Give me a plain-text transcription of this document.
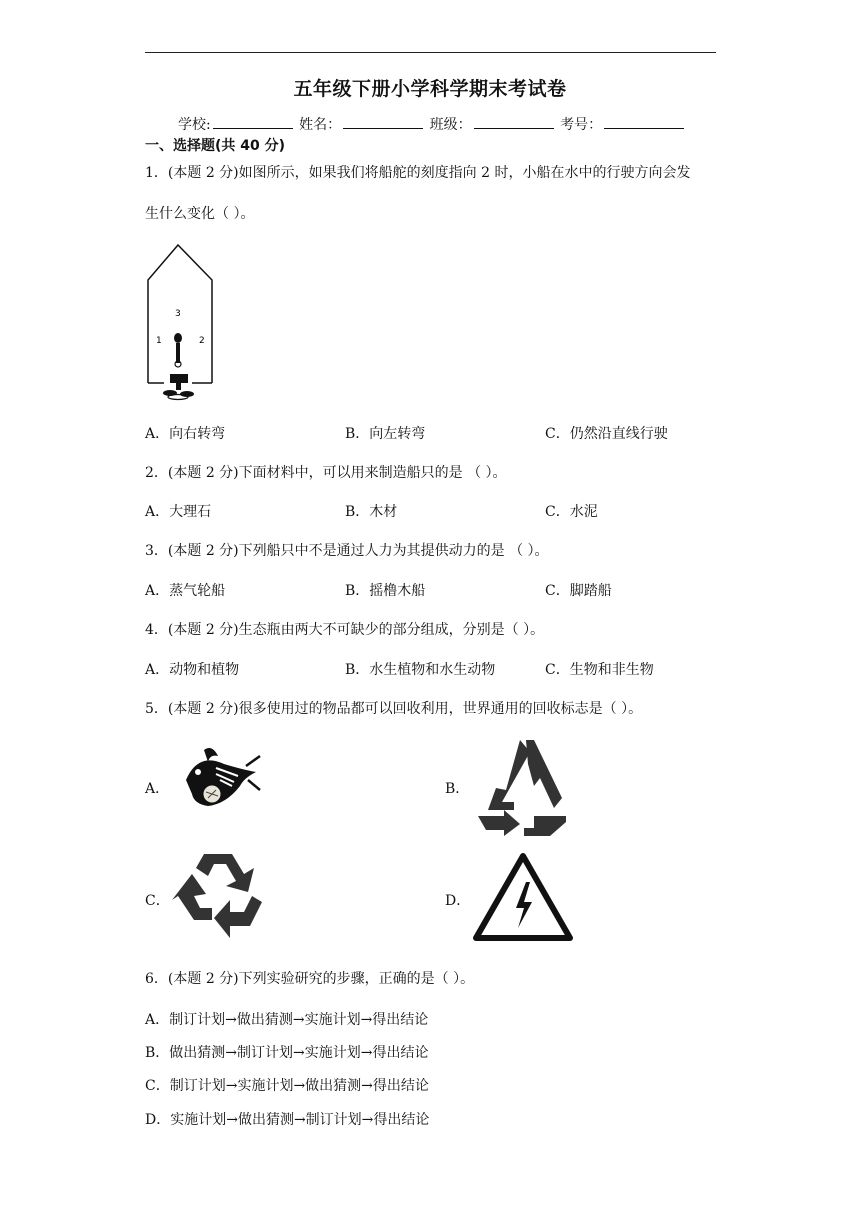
五年级下册小学科学期末考试卷
学校:	姓名：	班级：	考号：
一、选择题(共 40 分)
1．(本题 2 分)如图所示，如果我们将船舵的刻度指向 2 时，小船在水中的行驶方向会发
生什么变化（ ）。
3
1	2
A．向右转弯	B．向左转弯	C．仍然沿直线行驶
2．(本题 2 分)下面材料中，可以用来制造船只的是 （ ）。
A．大理石	B．木材	C．水泥
3．(本题 2 分)下列船只中不是通过人力为其提供动力的是 （ ）。
A．蒸气轮船	B．摇橹木船	C．脚踏船
4．(本题 2 分)生态瓶由两大不可缺少的部分组成，分别是（ ）。
A．动物和植物	B．水生植物和水生动物	C．生物和非生物
5．(本题 2 分)很多使用过的物品都可以回收利用，世界通用的回收标志是（ ）。
A．	B．
C．	D．
6．(本题 2 分)下列实验研究的步骤，正确的是（ ）。
A．制订计划→做出猜测→实施计划→得出结论
B．做出猜测→制订计划→实施计划→得出结论
C．制订计划→实施计划→做出猜测→得出结论
D．实施计划→做出猜测→制订计划→得出结论
